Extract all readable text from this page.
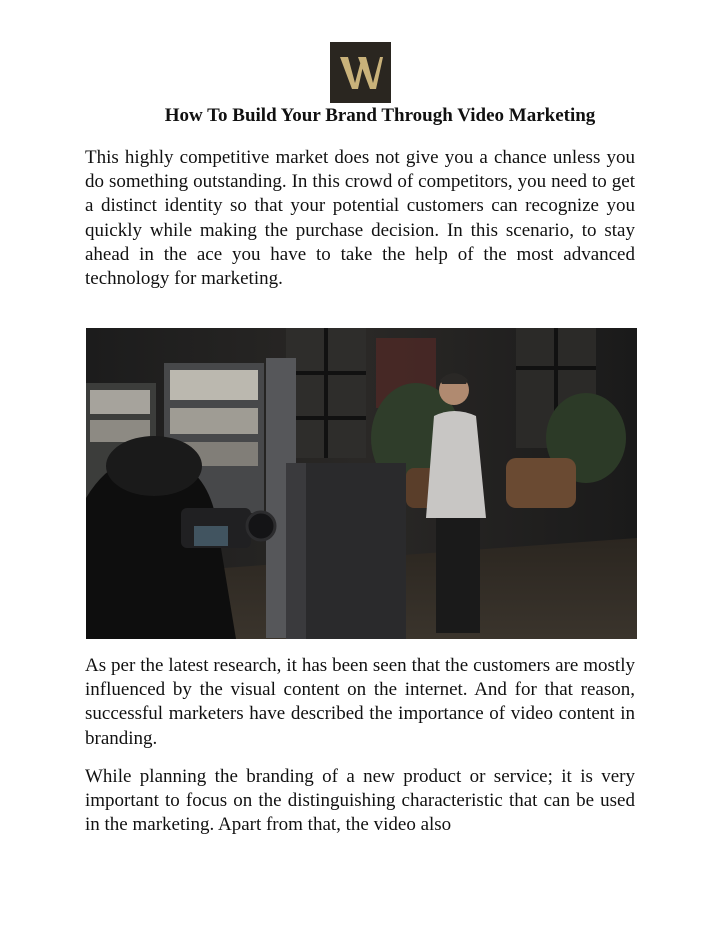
How To Build Your Brand Through Video Marketing

This highly competitive market does not give you a chance unless you do something outstanding. In this crowd of competitors, you need to get a distinct identity so that your potential customers can recognize you quickly while making the purchase decision. In this scenario, to stay ahead in the ace you have to take the help of the most advanced technology for marketing.

As per the latest research, it has been seen that the customers are mostly influenced by the visual content on the internet. And for that reason, successful marketers have described the importance of video content in branding.

While planning the branding of a new product or service; it is very important to focus on the distinguishing characteristic that can be used in the marketing. Apart from that, the video also
